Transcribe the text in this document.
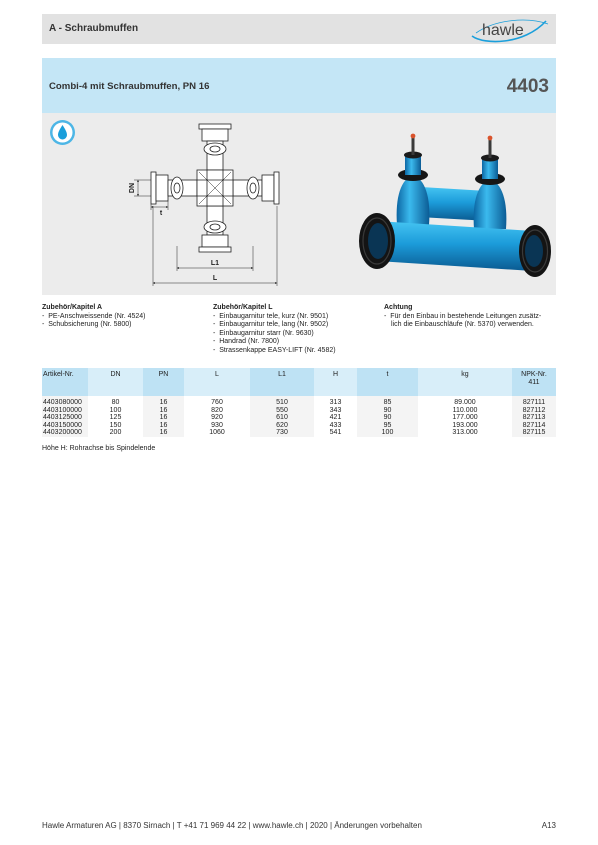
A - Schraubmuffen	hawle
Combi-4 mit Schraubmuffen, PN 16	4403
DN
t
L1
L
Zubehör/Kapitel A
-  PE-Anschweissende (Nr. 4524)
-  Schubsicherung (Nr. 5800)
Zubehör/Kapitel L
-  Einbaugarnitur tele, kurz (Nr. 9501)
-  Einbaugarnitur tele, lang (Nr. 9502)
-  Einbaugarnitur starr (Nr. 9630)
-  Handrad (Nr. 7800)
-  Strassenkappe EASY-LIFT (Nr. 4582)
Achtung
-  Für den Einbau in bestehende Leitungen zusätz-
lich die Einbauschläufe (Nr. 5370) verwenden.
Artikel-Nr.	DN	PN	L	L1	H	t	kg	NPK-Nr.
411
4403080000	80	16	760	510	313	85	89.000	827111
4403100000	100	16	820	550	343	90	110.000	827112
4403125000	125	16	920	610	421	90	177.000	827113
4403150000	150	16	930	620	433	95	193.000	827114
4403200000	200	16	1060	730	541	100	313.000	827115
Höhe H: Rohrachse bis Spindelende
Hawle Armaturen AG | 8370 Sirnach | T +41 71 969 44 22 | www.hawle.ch | 2020 | Änderungen vorbehalten	A13
